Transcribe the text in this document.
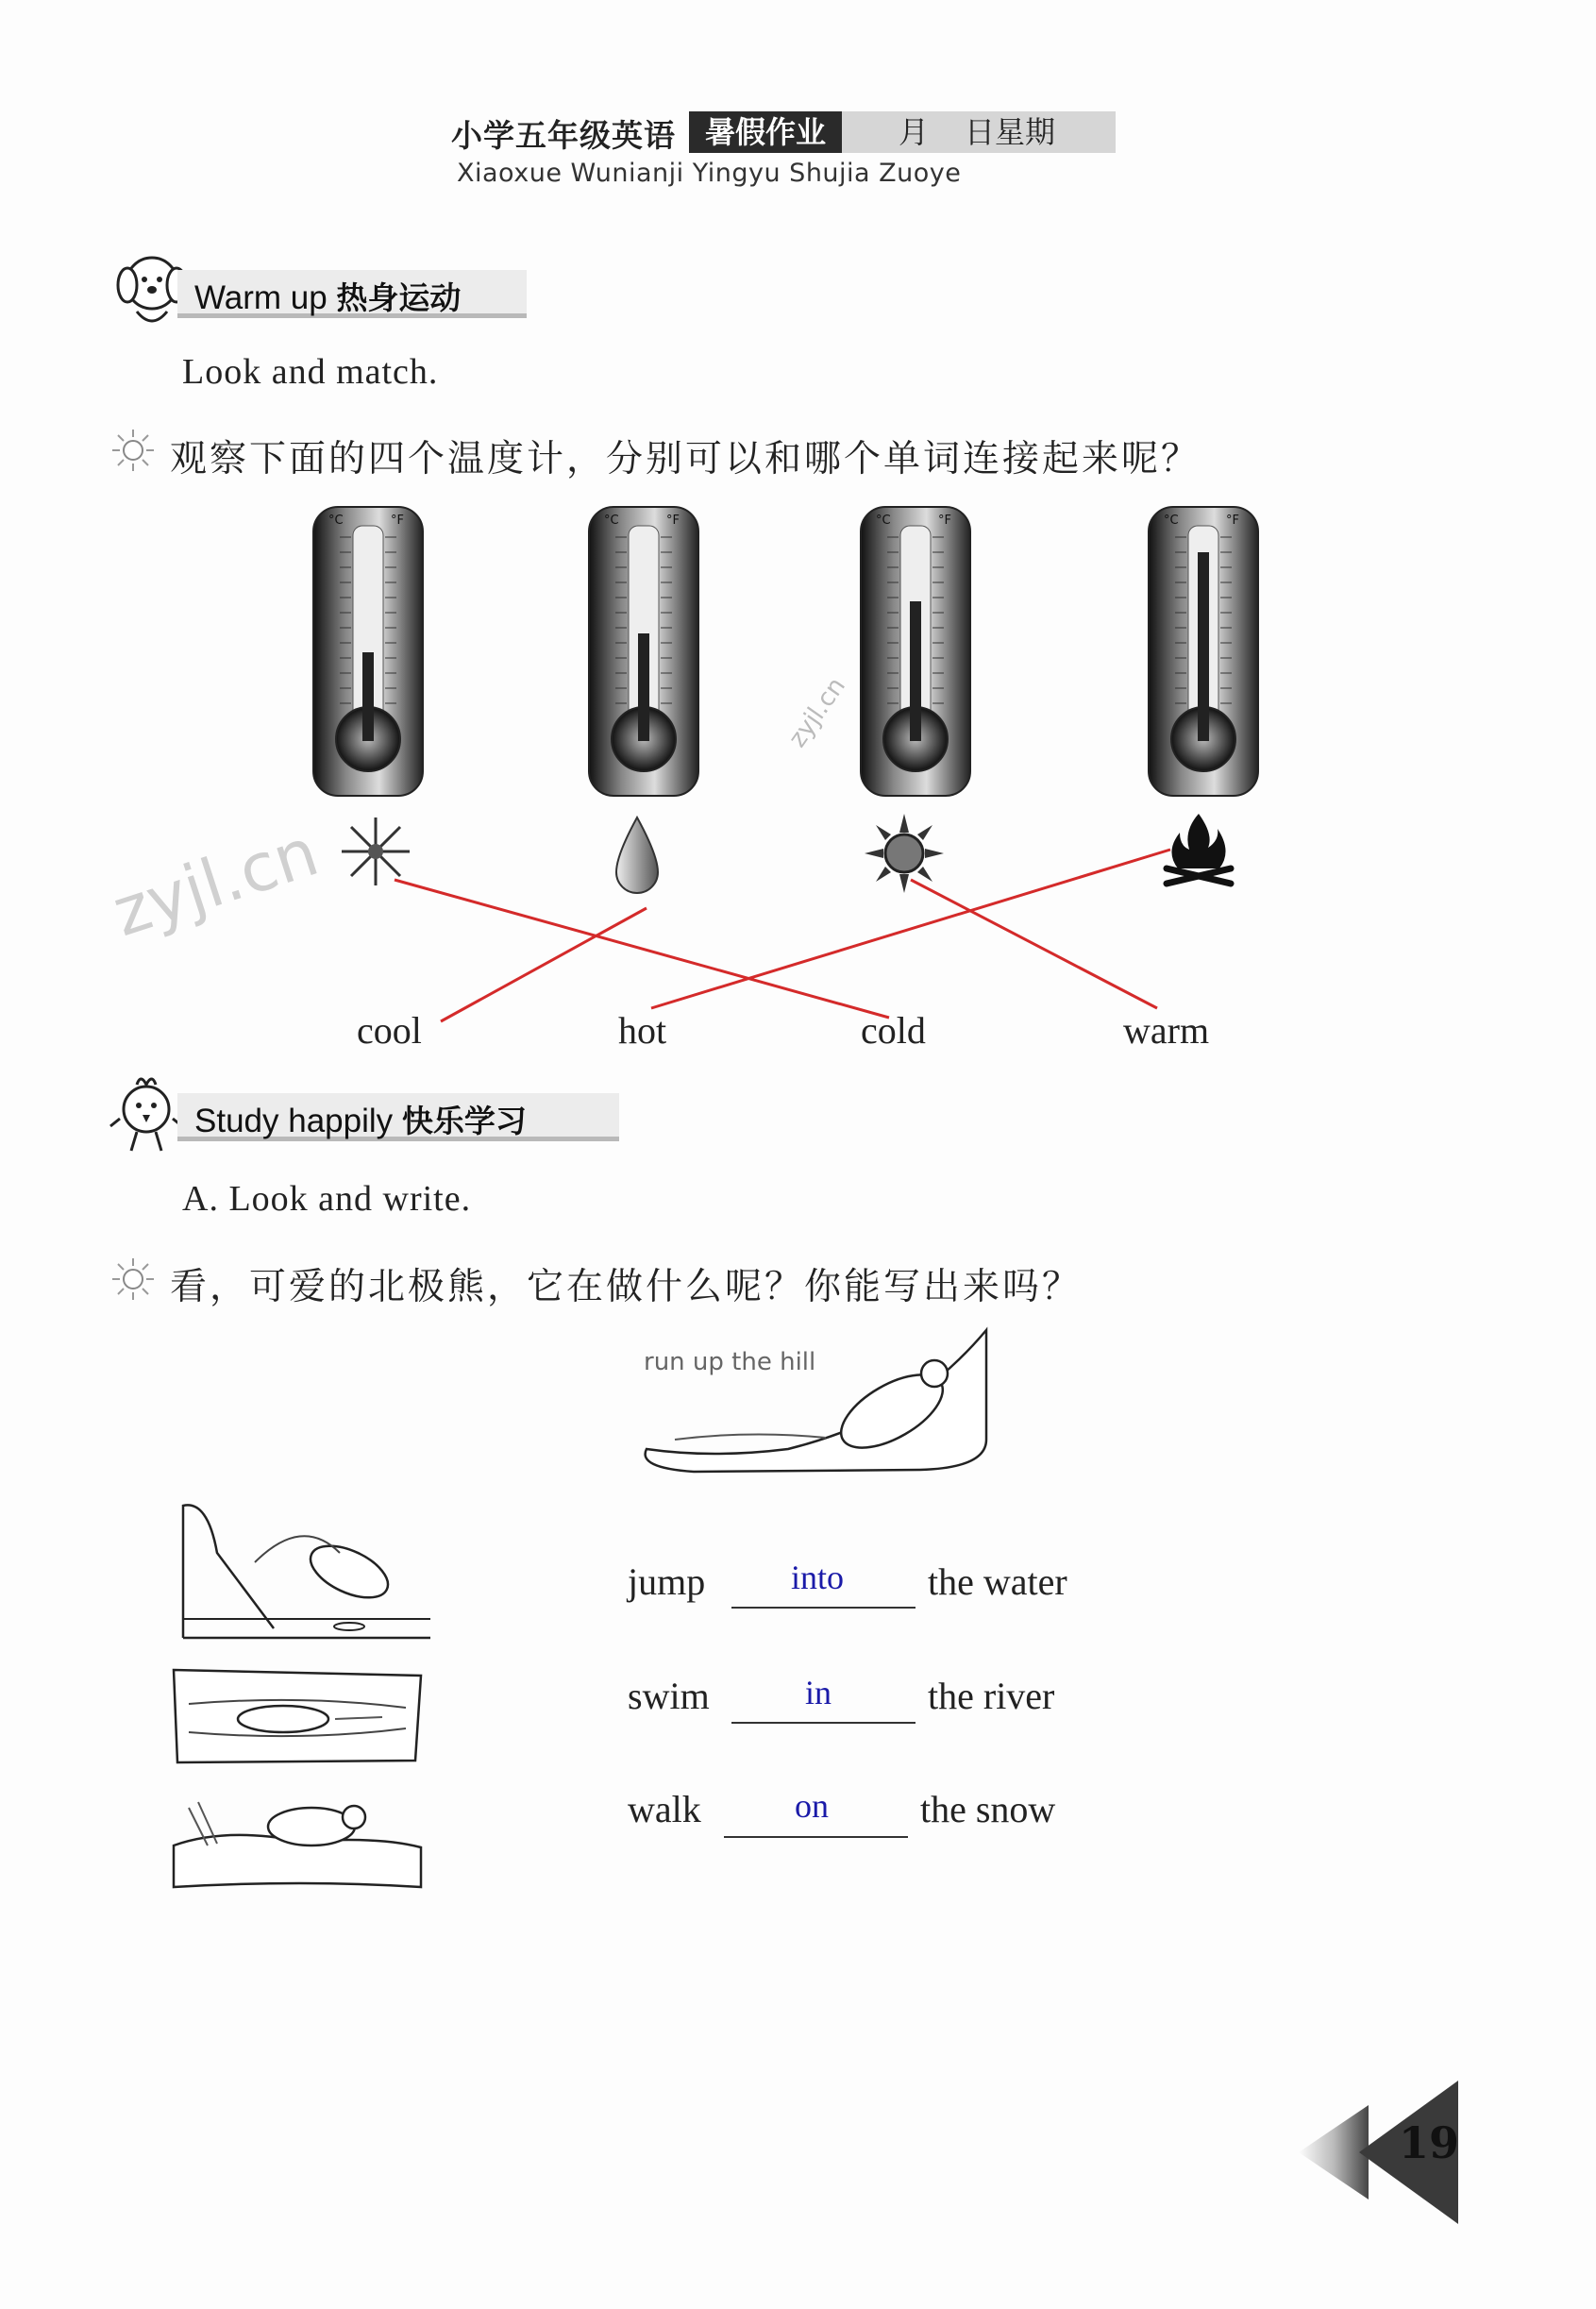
小学五年级英语 暑假作业	月 日星期
Xiaoxue Wunianji Yingyu Shujia Zuoye
Warm up 热身运动
Look and match.
观察下面的四个温度计，分别可以和哪个单词连接起来呢？
°C	°F	°C	°F	°C	°F	°C	°F
cool	hot	cold	warm
zyjl.cn
zyjl.cn
Study happily 快乐学习
A. Look and write.
看，可爱的北极熊，它在做什么呢？你能写出来吗？
run up the hill
jump	into the water
swim	in	the river
walk	on the snow
19
